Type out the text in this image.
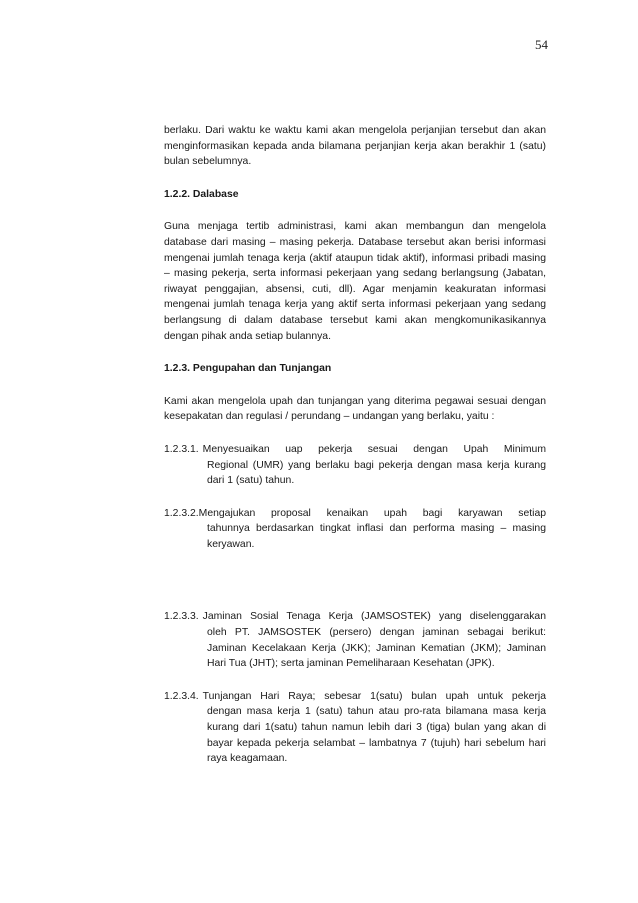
54

berlaku. Dari waktu ke waktu kami akan mengelola perjanjian tersebut dan akan menginformasikan kepada anda bilamana perjanjian kerja akan berakhir 1 (satu) bulan sebelumnya.

1.2.2. Dalabase

Guna menjaga tertib administrasi, kami akan membangun dan mengelola database dari masing – masing pekerja. Database tersebut akan berisi informasi mengenai jumlah tenaga kerja (aktif ataupun tidak aktif), informasi pribadi masing – masing pekerja, serta informasi pekerjaan yang sedang berlangsung (Jabatan, riwayat penggajian, absensi, cuti, dll). Agar menjamin keakuratan informasi mengenai jumlah tenaga kerja yang aktif serta informasi pekerjaan yang sedang berlangsung di dalam database tersebut kami akan mengkomunikasikannya dengan pihak anda setiap bulannya.

1.2.3. Pengupahan dan Tunjangan

Kami akan mengelola upah dan tunjangan yang diterima pegawai sesuai dengan kesepakatan dan regulasi / perundang – undangan yang berlaku, yaitu :

1.2.3.1. Menyesuaikan uap pekerja sesuai dengan Upah Minimum
Regional (UMR) yang berlaku bagi pekerja dengan masa kerja kurang dari 1 (satu) tahun.
1.2.3.2. Mengajukan proposal kenaikan upah bagi karyawan setiap
tahunnya berdasarkan tingkat inflasi dan performa masing – masing keryawan.
1.2.3.3. Jaminan Sosial Tenaga Kerja (JAMSOSTEK) yang diselenggarakan
oleh PT. JAMSOSTEK (persero) dengan jaminan sebagai berikut: Jaminan Kecelakaan Kerja (JKK); Jaminan Kematian (JKM); Jaminan Hari Tua (JHT); serta jaminan Pemeliharaan Kesehatan (JPK).
1.2.3.4. Tunjangan Hari Raya; sebesar 1(satu) bulan upah untuk pekerja
dengan masa kerja 1 (satu) tahun atau pro-rata bilamana masa kerja kurang dari 1(satu) tahun namun lebih dari 3 (tiga) bulan yang akan di bayar kepada pekerja selambat – lambatnya 7 (tujuh) hari sebelum hari raya keagamaan.
